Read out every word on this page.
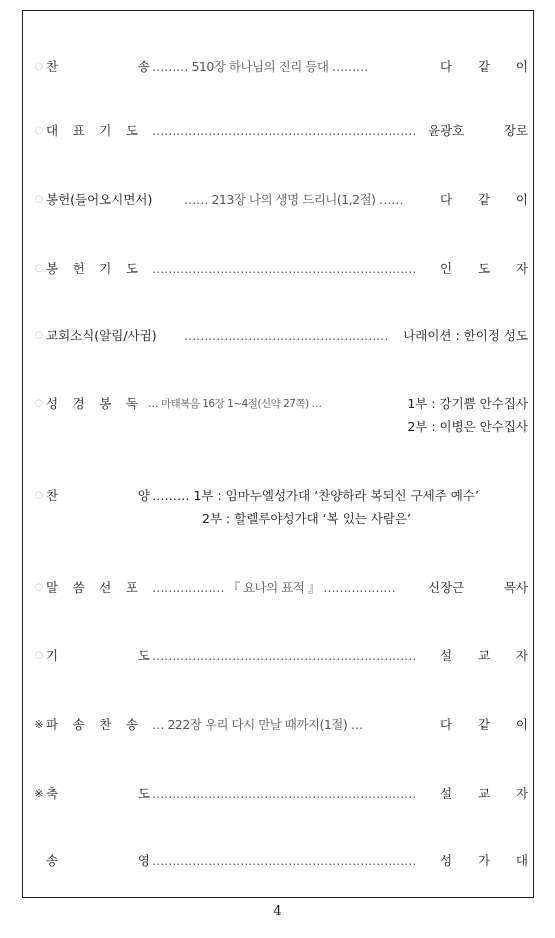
○ 찬	송 ……… 510장 하나님의 진리 등대 ………	다 같 이
○ 대 표 기 도 ………………………………………………………… 윤광호	장로
○ 봉헌(들어오시면서)	…… 213장 나의 생명 드리니(1,2절) ……	다 같 이
○ 봉 헌 기 도 ………………………………………………………… 인 도 자
○ 교회소식(알림/사귐) …………………………………………… 나래이션 : 한이정 성도
○ 성 경 봉 독 … 마태복음 16장 1~4절(신약 27쪽) …	1부 : 강기쁨 안수집사
2부 : 이병은 안수집사
○ 찬	양 ……… 1부 : 임마누엘성가대 ‘찬양하라 복되신 구세주 예수’
2부 : 할렐루야성가대 ‘복 있는 사람은’
○ 말 씀 선 포 ……………… 『 요나의 표적 』 ………………	신장근	목사
○ 기	도 ………………………………………………………… 설 교 자
※ 파 송 찬 송 … 222장 우리 다시 만날 때까지(1절) …	다 같 이
※ 축	도 ………………………………………………………… 설 교 자
송	영 ………………………………………………………… 성 가 대
4
